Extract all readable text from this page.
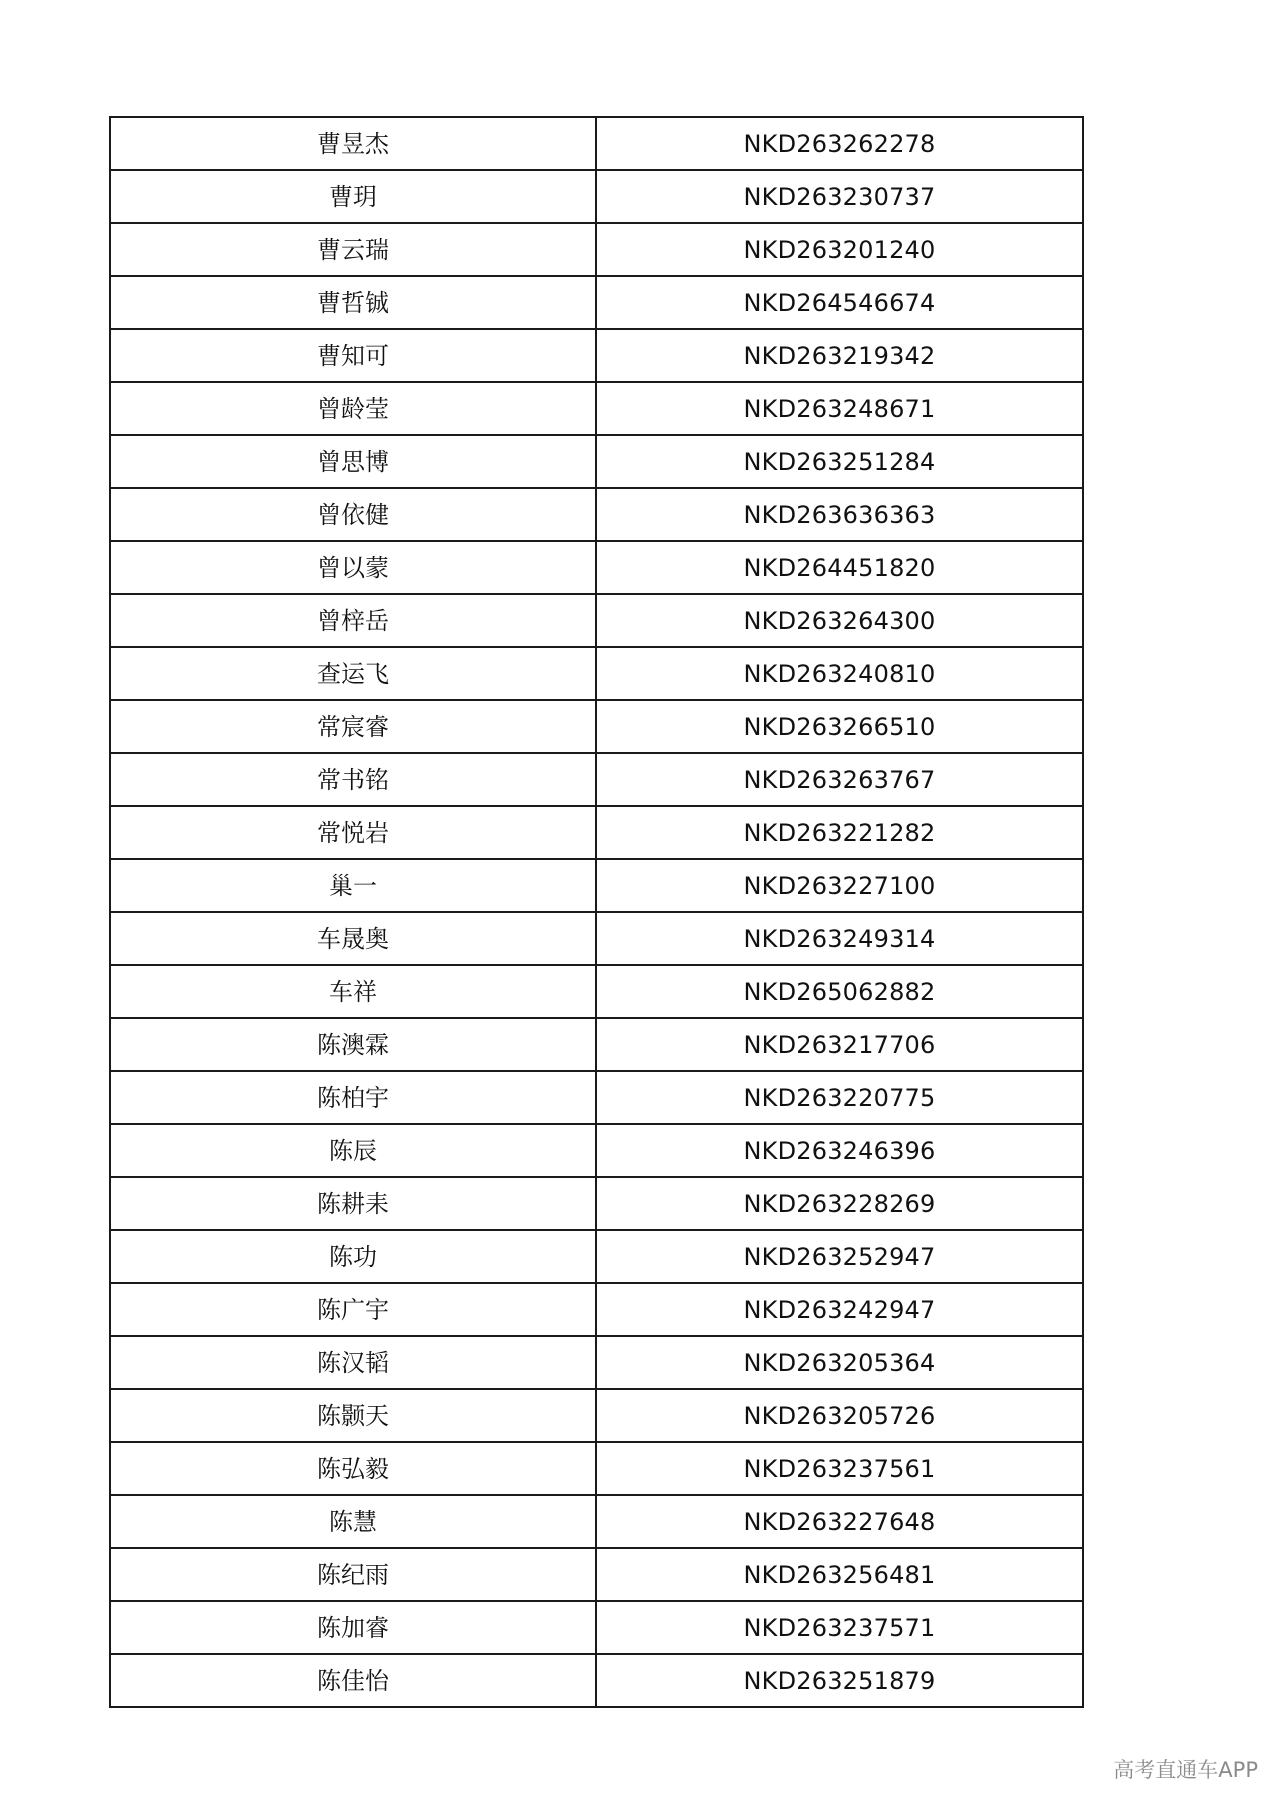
曹昱杰	NKD263262278
曹玥	NKD263230737
曹云瑞	NKD263201240
曹哲铖	NKD264546674
曹知可	NKD263219342
曾龄莹	NKD263248671
曾思博	NKD263251284
曾依健	NKD263636363
曾以蒙	NKD264451820
曾梓岳	NKD263264300
查运飞	NKD263240810
常宸睿	NKD263266510
常书铭	NKD263263767
常悦岩	NKD263221282
巢一	NKD263227100
车晟奥	NKD263249314
车祥	NKD265062882
陈澳霖	NKD263217706
陈柏宇	NKD263220775
陈辰	NKD263246396
陈耕耒	NKD263228269
陈功	NKD263252947
陈广宇	NKD263242947
陈汉韬	NKD263205364
陈颢天	NKD263205726
陈弘毅	NKD263237561
陈慧	NKD263227648
陈纪雨	NKD263256481
陈加睿	NKD263237571
陈佳怡	NKD263251879
高考直通车APP
